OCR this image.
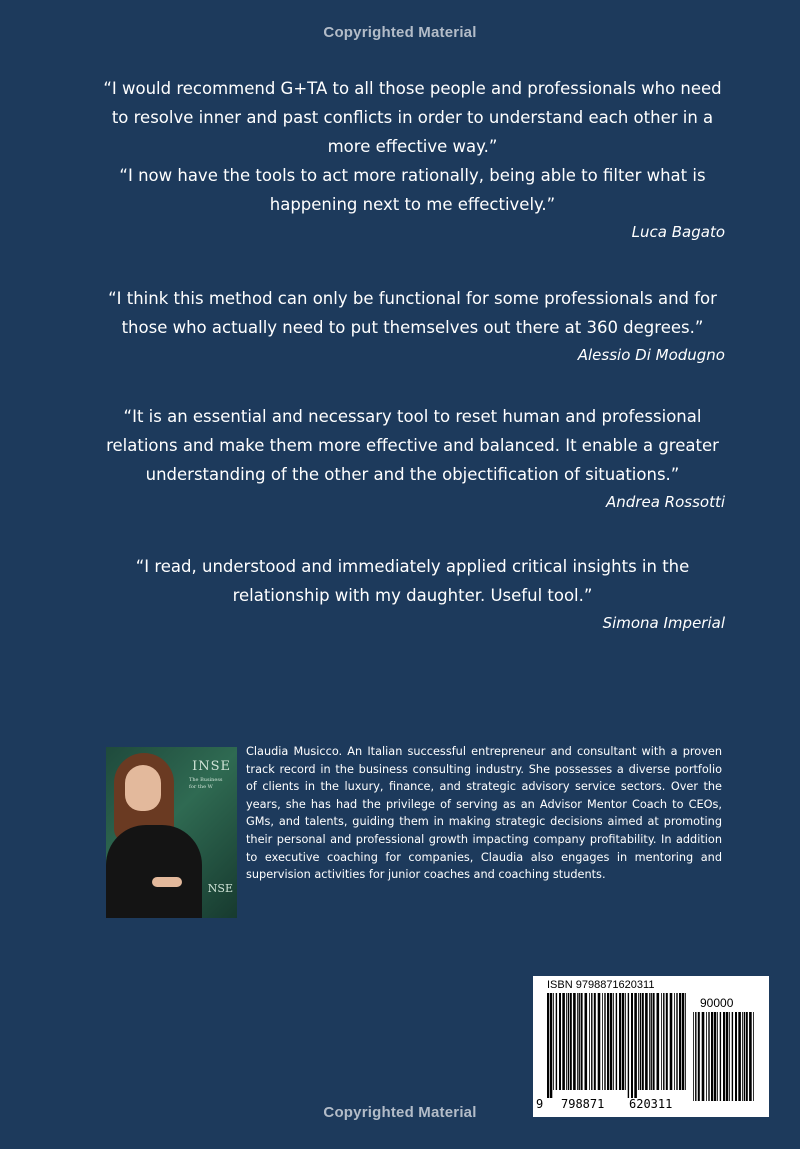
Copyrighted Material

“I would recommend G+TA to all those people and professionals who need

to resolve inner and past conflicts in order to understand each other in a

more effective way.”

“I now have the tools to act more rationally, being able to filter what is

happening next to me effectively.”

Luca Bagato

“I think this method can only be functional for some professionals and for

those who actually need to put themselves out there at 360 degrees.”

Alessio Di Modugno

“It is an essential and necessary tool to reset human and professional

relations and make them more effective and balanced. It enable a greater

understanding of the other and the objectification of situations.”

Andrea Rossotti

“I read, understood and immediately applied critical insights in the

relationship with my daughter. Useful tool.”

Simona Imperial

INSE
The Business for the W
NSE

Claudia Musicco. An Italian successful entrepreneur and consultant with a proven track record in the business consulting industry. She possesses a diverse portfolio of clients in the luxury, finance, and strategic advisory service sectors. Over the years, she has had the privilege of serving as an Advisor Mentor Coach to CEOs, GMs, and talents, guiding them in making strategic decisions aimed at promoting their personal and professional growth impacting company profitability. In addition to executive coaching for companies, Claudia also engages in mentoring and supervision activities for junior coaches and coaching students.

ISBN 9798871620311
90000
9 798871 620311
Copyrighted Material
